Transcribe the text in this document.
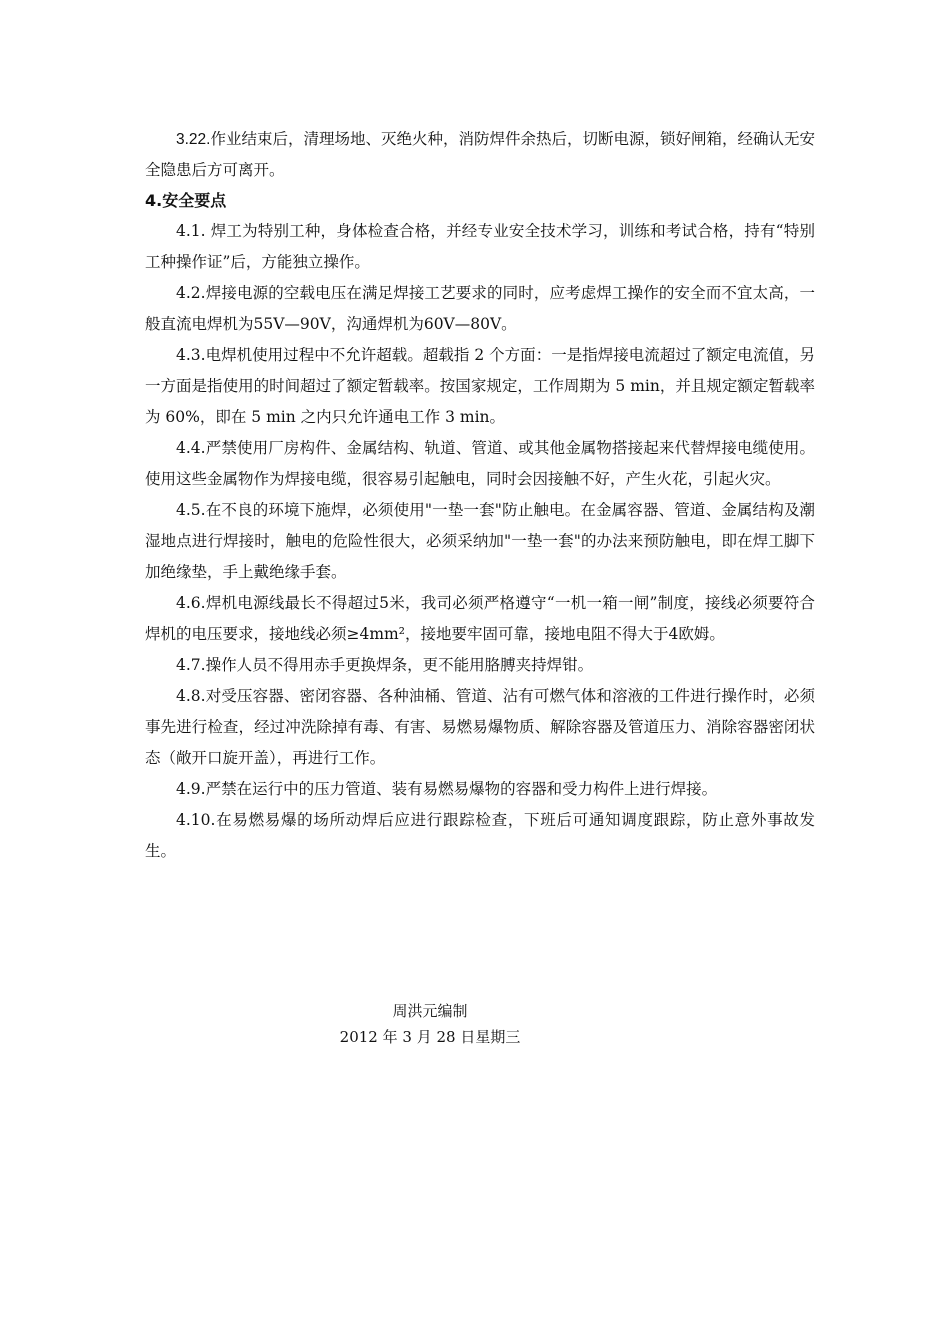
3.22.作业结束后，清理场地、灭绝火种，消防焊件余热后，切断电源，锁好闸箱，经确认无安全隐患后方可离开。

4.安全要点

4.1. 焊工为特别工种，身体检查合格，并经专业安全技术学习，训练和考试合格，持有“特别工种操作证”后，方能独立操作。

4.2.焊接电源的空载电压在满足焊接工艺要求的同时，应考虑焊工操作的安全而不宜太高，一般直流电焊机为55V—90V，沟通焊机为60V—80V。

4.3.电焊机使用过程中不允许超载。超载指 2 个方面：一是指焊接电流超过了额定电流值，另一方面是指使用的时间超过了额定暂载率。按国家规定，工作周期为 5 min，并且规定额定暂载率为 60%，即在 5 min 之内只允许通电工作 3 min。

4.4.严禁使用厂房构件、金属结构、轨道、管道、或其他金属物搭接起来代替焊接电缆使用。使用这些金属物作为焊接电缆，很容易引起触电，同时会因接触不好，产生火花，引起火灾。

4.5.在不良的环境下施焊，必须使用"一垫一套"防止触电。在金属容器、管道、金属结构及潮湿地点进行焊接时，触电的危险性很大，必须采纳加"一垫一套"的办法来预防触电，即在焊工脚下加绝缘垫，手上戴绝缘手套。

4.6.焊机电源线最长不得超过5米，我司必须严格遵守“一机一箱一闸”制度，接线必须要符合焊机的电压要求，接地线必须≥4mm²，接地要牢固可靠，接地电阻不得大于4欧姆。

4.7.操作人员不得用赤手更换焊条，更不能用胳膊夹持焊钳。

4.8.对受压容器、密闭容器、各种油桶、管道、沾有可燃气体和溶液的工件进行操作时，必须事先进行检查，经过冲洗除掉有毒、有害、易燃易爆物质、解除容器及管道压力、消除容器密闭状态（敞开口旋开盖），再进行工作。

4.9.严禁在运行中的压力管道、装有易燃易爆物的容器和受力构件上进行焊接。

4.10.在易燃易爆的场所动焊后应进行跟踪检查，下班后可通知调度跟踪，防止意外事故发生。

周洪元编制
2012 年 3 月 28 日星期三
